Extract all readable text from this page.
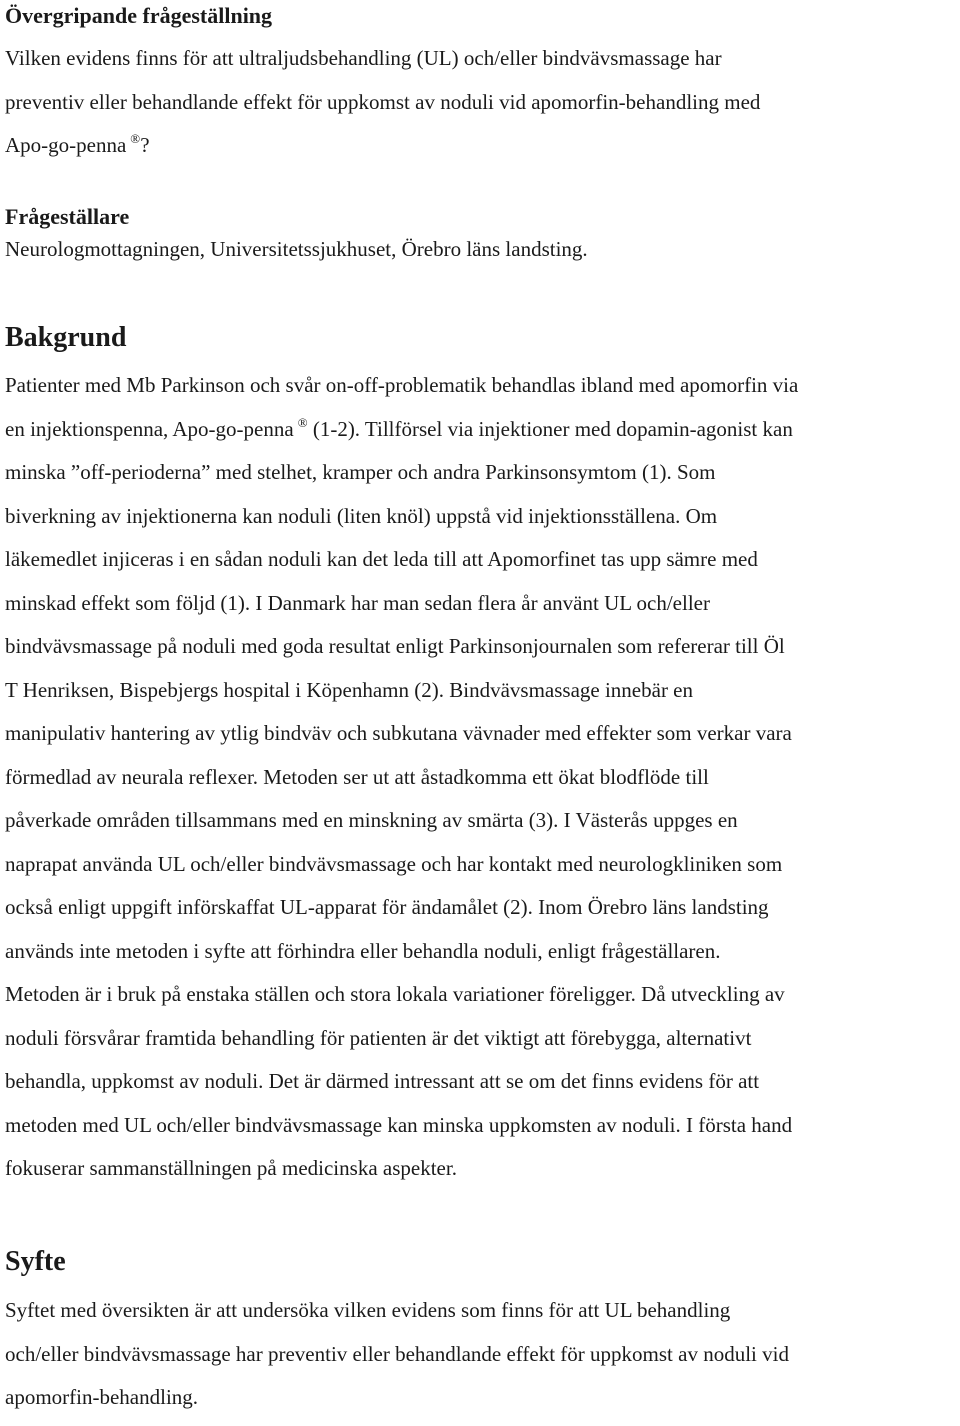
Övergripande frågeställning
Vilken evidens finns för att ultraljudsbehandling (UL) och/eller bindvävsmassage har
preventiv eller behandlande effekt för uppkomst av noduli vid apomorfin-behandling med
Apo-go-penna ®?
Frågeställare
Neurologmottagningen, Universitetssjukhuset, Örebro läns landsting.
Bakgrund
Patienter med Mb Parkinson och svår on-off-problematik behandlas ibland med apomorfin via
en injektionspenna, Apo-go-penna ® (1-2). Tillförsel via injektioner med dopamin-agonist kan
minska ”off-perioderna” med stelhet, kramper och andra Parkinsonsymtom (1). Som
biverkning av injektionerna kan noduli (liten knöl) uppstå vid injektionsställena. Om
läkemedlet injiceras i en sådan noduli kan det leda till att Apomorfinet tas upp sämre med
minskad effekt som följd (1). I Danmark har man sedan flera år använt UL och/eller
bindvävsmassage på noduli med goda resultat enligt Parkinsonjournalen som refererar till Öl
T Henriksen, Bispebjergs hospital i Köpenhamn (2). Bindvävsmassage innebär en
manipulativ hantering av ytlig bindväv och subkutana vävnader med effekter som verkar vara
förmedlad av neurala reflexer. Metoden ser ut att åstadkomma ett ökat blodflöde till
påverkade områden tillsammans med en minskning av smärta (3). I Västerås uppges en
naprapat använda UL och/eller bindvävsmassage och har kontakt med neurologkliniken som
också enligt uppgift införskaffat UL-apparat för ändamålet (2). Inom Örebro läns landsting
används inte metoden i syfte att förhindra eller behandla noduli, enligt frågeställaren.
Metoden är i bruk på enstaka ställen och stora lokala variationer föreligger. Då utveckling av
noduli försvårar framtida behandling för patienten är det viktigt att förebygga, alternativt
behandla, uppkomst av noduli. Det är därmed intressant att se om det finns evidens för att
metoden med UL och/eller bindvävsmassage kan minska uppkomsten av noduli. I första hand
fokuserar sammanställningen på medicinska aspekter.
Syfte
Syftet med översikten är att undersöka vilken evidens som finns för att UL behandling
och/eller bindvävsmassage har preventiv eller behandlande effekt för uppkomst av noduli vid
apomorfin-behandling.
